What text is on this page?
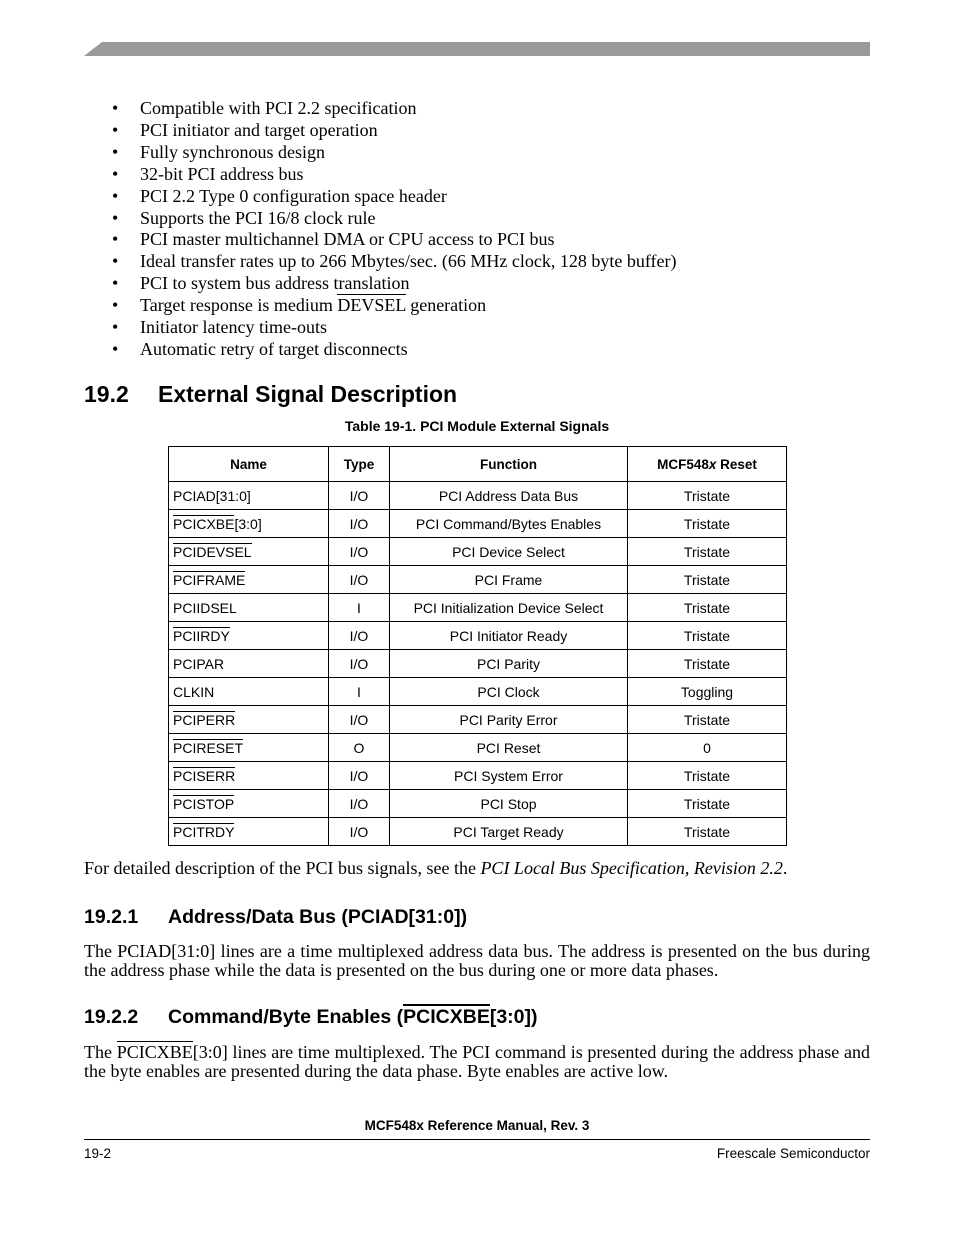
• Compatible with PCI 2.2 specification
• PCI initiator and target operation
• Fully synchronous design
• 32-bit PCI address bus
• PCI 2.2 Type 0 configuration space header
• Supports the PCI 16/8 clock rule
• PCI master multichannel DMA or CPU access to PCI bus
• Ideal transfer rates up to 266 Mbytes/sec. (66 MHz clock, 128 byte buffer)
• PCI to system bus address translation
• Target response is medium DEVSEL generation
• Initiator latency time-outs
• Automatic retry of target disconnects
19.2 External Signal Description
Table 19-1. PCI Module External Signals
Name	Type	Function	MCF548x Reset
PCIAD[31:0]	I/O	PCI Address Data Bus	Tristate
PCICXBE[3:0]	I/O	PCI Command/Bytes Enables	Tristate
PCIDEVSEL	I/O	PCI Device Select	Tristate
PCIFRAME	I/O	PCI Frame	Tristate
PCIIDSEL	I	PCI Initialization Device Select	Tristate
PCIIRDY	I/O	PCI Initiator Ready	Tristate
PCIPAR	I/O	PCI Parity	Tristate
CLKIN	I	PCI Clock	Toggling
PCIPERR	I/O	PCI Parity Error	Tristate
PCIRESET	O	PCI Reset	0
PCISERR	I/O	PCI System Error	Tristate
PCISTOP	I/O	PCI Stop	Tristate
PCITRDY	I/O	PCI Target Ready	Tristate

For detailed description of the PCI bus signals, see the PCI Local Bus Specification, Revision 2.2.

19.2.1 Address/Data Bus (PCIAD[31:0])

The PCIAD[31:0] lines are a time multiplexed address data bus. The address is presented on the bus during the address phase while the data is presented on the bus during one or more data phases.

19.2.2 Command/Byte Enables (PCICXBE[3:0])

The PCICXBE[3:0] lines are time multiplexed. The PCI command is presented during the address phase and the byte enables are presented during the data phase. Byte enables are active low.

MCF548x Reference Manual, Rev. 3
19-2	Freescale Semiconductor
